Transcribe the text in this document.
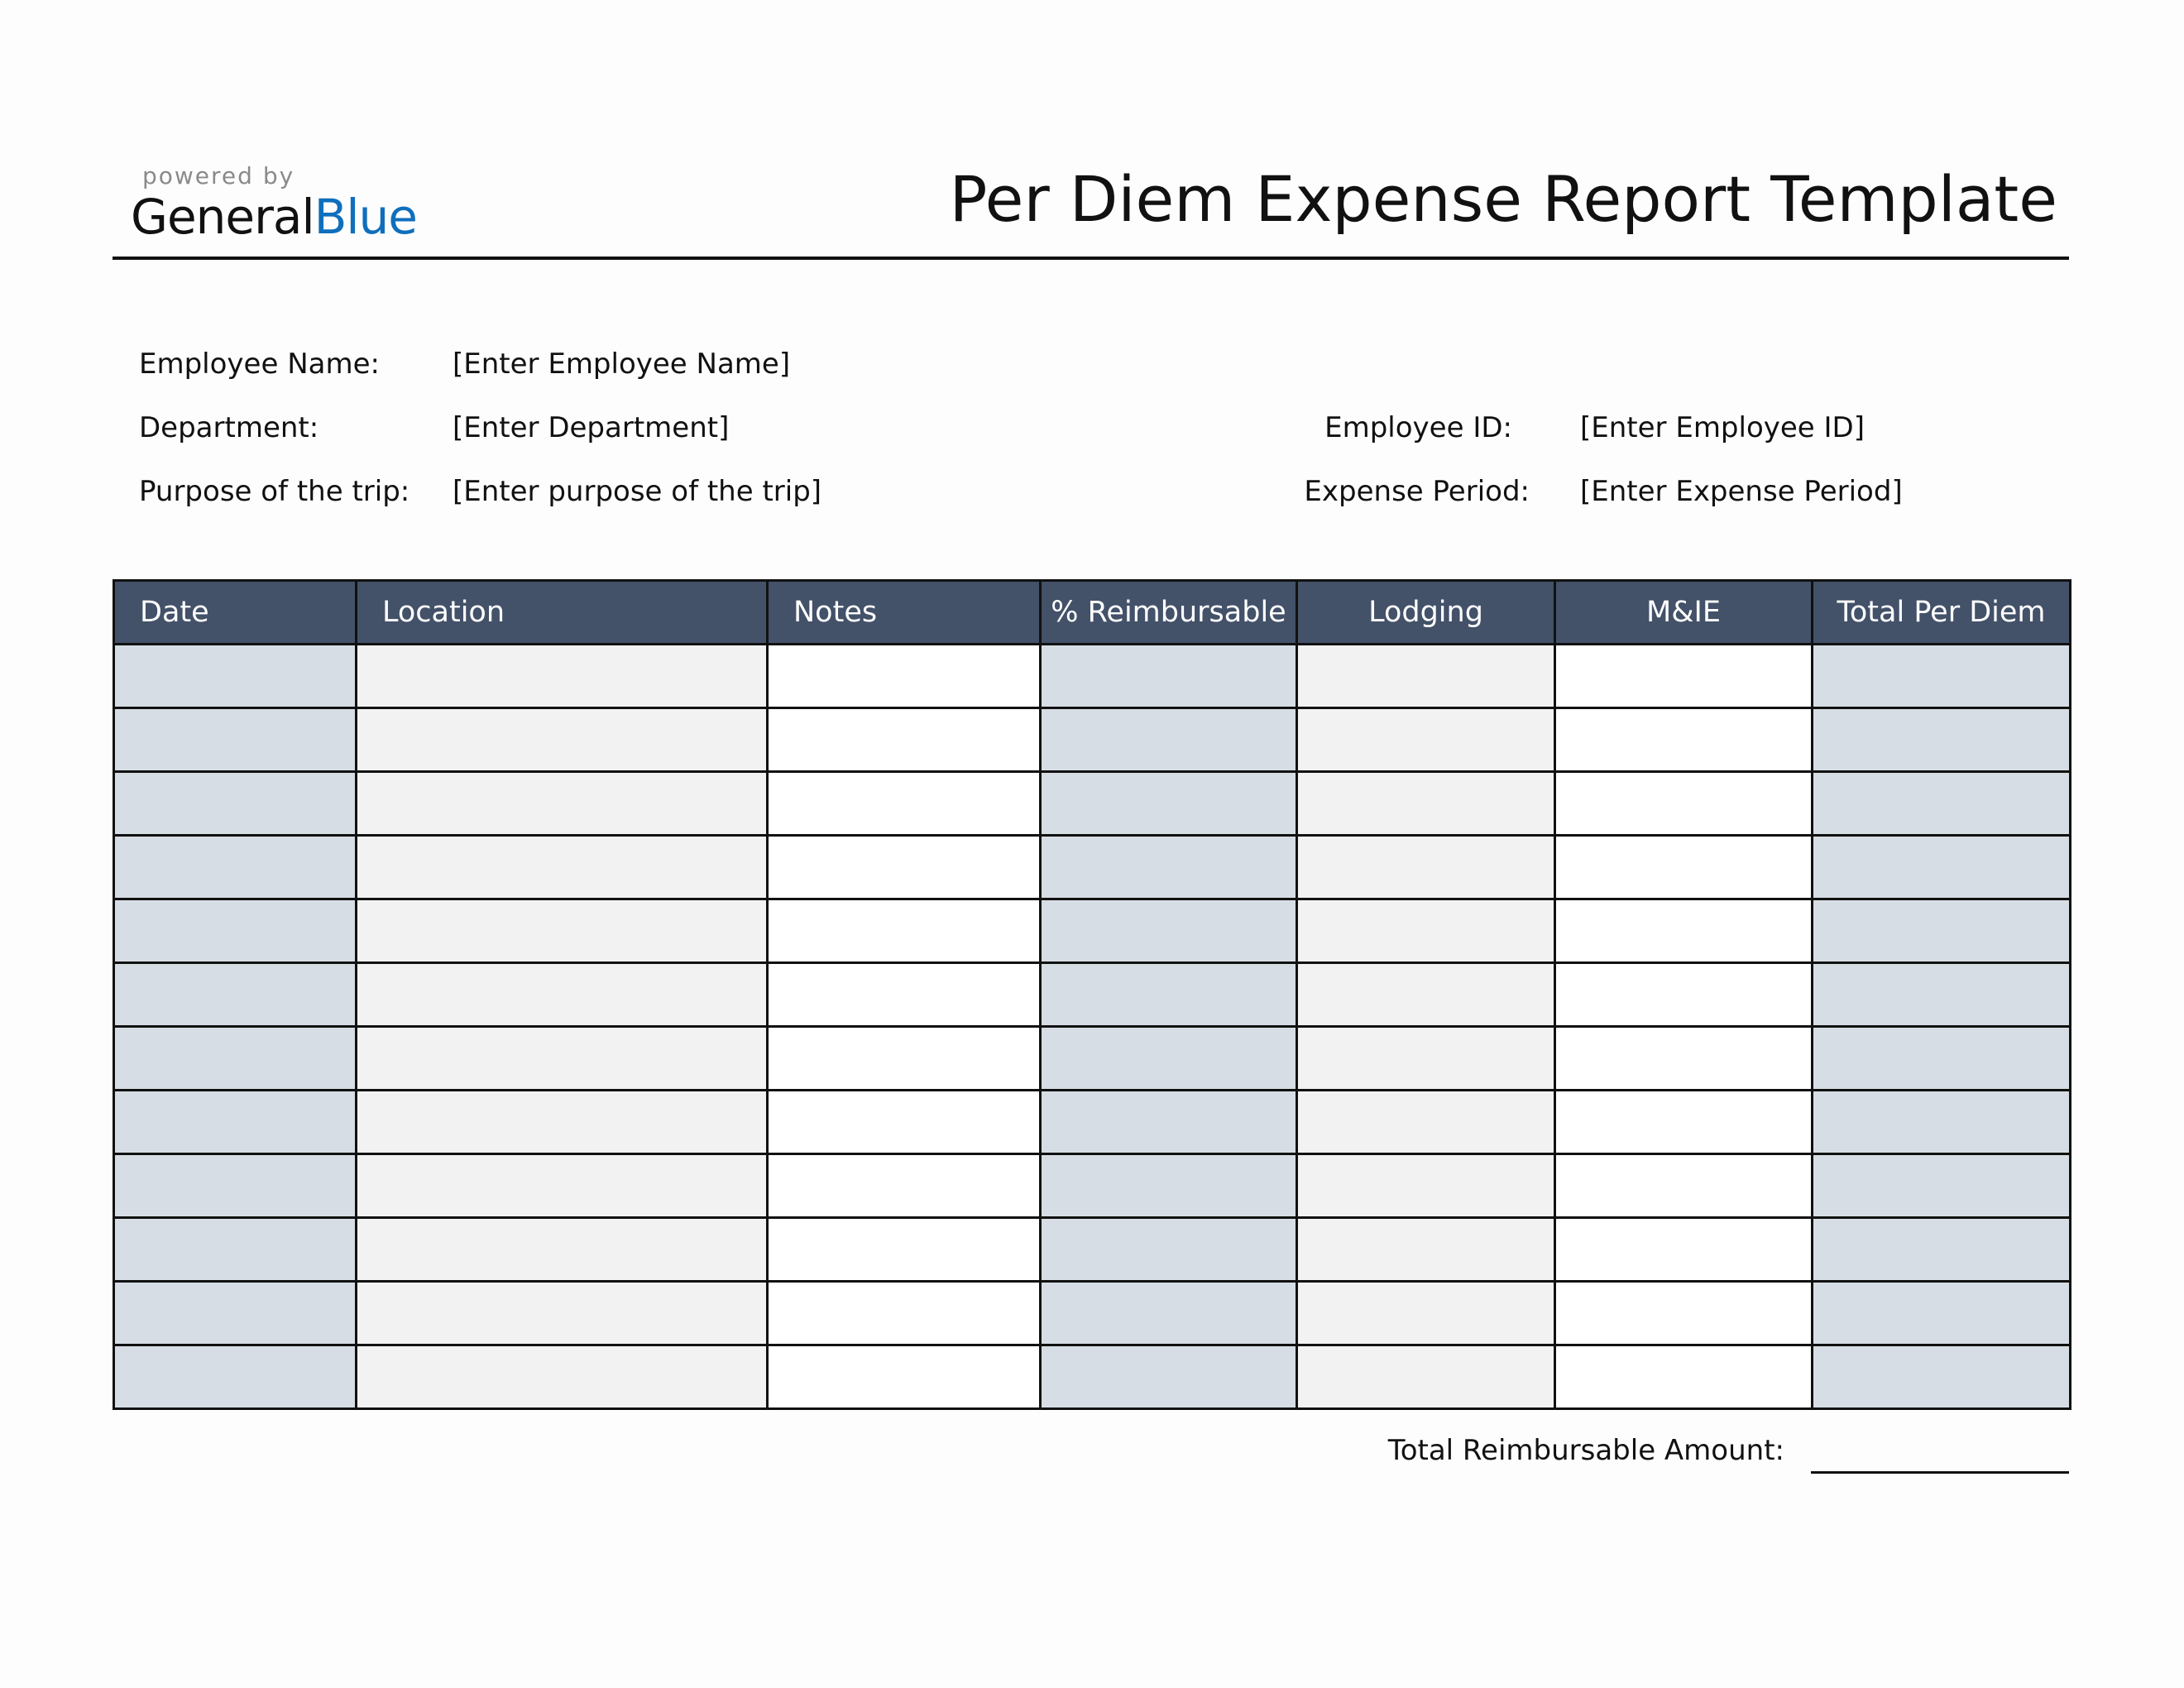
powered by
GeneralBlue	Per Diem Expense Report Template
Employee Name:	[Enter Employee Name]
Department:	[Enter Department]
Purpose of the trip: [Enter purpose of the trip]
Employee ID: [Enter Employee ID]
Expense Period: [Enter Expense Period]
Date	Location	Notes	% Reimbursable	Lodging	M&IE	Total Per Diem

Total Reimbursable Amount:
